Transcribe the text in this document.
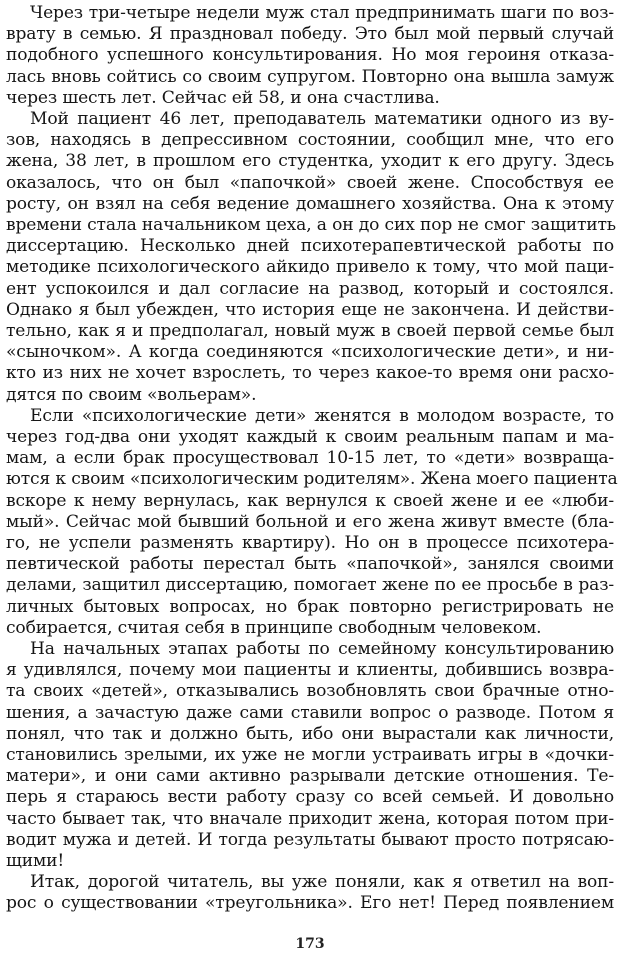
Через три-четыре недели муж стал предпринимать шаги по воз-
врату в семью. Я праздновал победу. Это был мой первый случай
подобного успешного консультирования. Но моя героиня отказа-
лась вновь сойтись со своим супругом. Повторно она вышла замуж
через шесть лет. Сейчас ей 58, и она счастлива.
Мой пациент 46 лет, преподаватель математики одного из ву-
зов, находясь в депрессивном состоянии, сообщил мне, что его
жена, 38 лет, в прошлом его студентка, уходит к его другу. Здесь
оказалось, что он был «папочкой» своей жене. Способствуя ее
росту, он взял на себя ведение домашнего хозяйства. Она к этому
времени стала начальником цеха, а он до сих пор не смог защитить
диссертацию. Несколько дней психотерапевтической работы по
методике психологического айкидо привело к тому, что мой паци-
ент успокоился и дал согласие на развод, который и состоялся.
Однако я был убежден, что история еще не закончена. И действи-
тельно, как я и предполагал, новый муж в своей первой семье был
«сыночком». А когда соединяются «психологические дети», и ни-
кто из них не хочет взрослеть, то через какое-то время они расхо-
дятся по своим «вольерам».
Если «психологические дети» женятся в молодом возрасте, то
через год-два они уходят каждый к своим реальным папам и ма-
мам, а если брак просуществовал 10-15 лет, то «дети» возвраща-
ются к своим «психологическим родителям». Жена моего пациента
вскоре к нему вернулась, как вернулся к своей жене и ее «люби-
мый». Сейчас мой бывший больной и его жена живут вместе (бла-
го, не успели разменять квартиру). Но он в процессе психотера-
певтической работы перестал быть «папочкой», занялся своими
делами, защитил диссертацию, помогает жене по ее просьбе в раз-
личных бытовых вопросах, но брак повторно регистрировать не
собирается, считая себя в принципе свободным человеком.
На начальных этапах работы по семейному консультированию
я удивлялся, почему мои пациенты и клиенты, добившись возвра-
та своих «детей», отказывались возобновлять свои брачные отно-
шения, а зачастую даже сами ставили вопрос о разводе. Потом я
понял, что так и должно быть, ибо они вырастали как личности,
становились зрелыми, их уже не могли устраивать игры в «дочки-
матери», и они сами активно разрывали детские отношения. Те-
перь я стараюсь вести работу сразу со всей семьей. И довольно
часто бывает так, что вначале приходит жена, которая потом при-
водит мужа и детей. И тогда результаты бывают просто потрясаю-
щими!
Итак, дорогой читатель, вы уже поняли, как я ответил на воп-
рос о существовании «треугольника». Его нет! Перед появлением
173
